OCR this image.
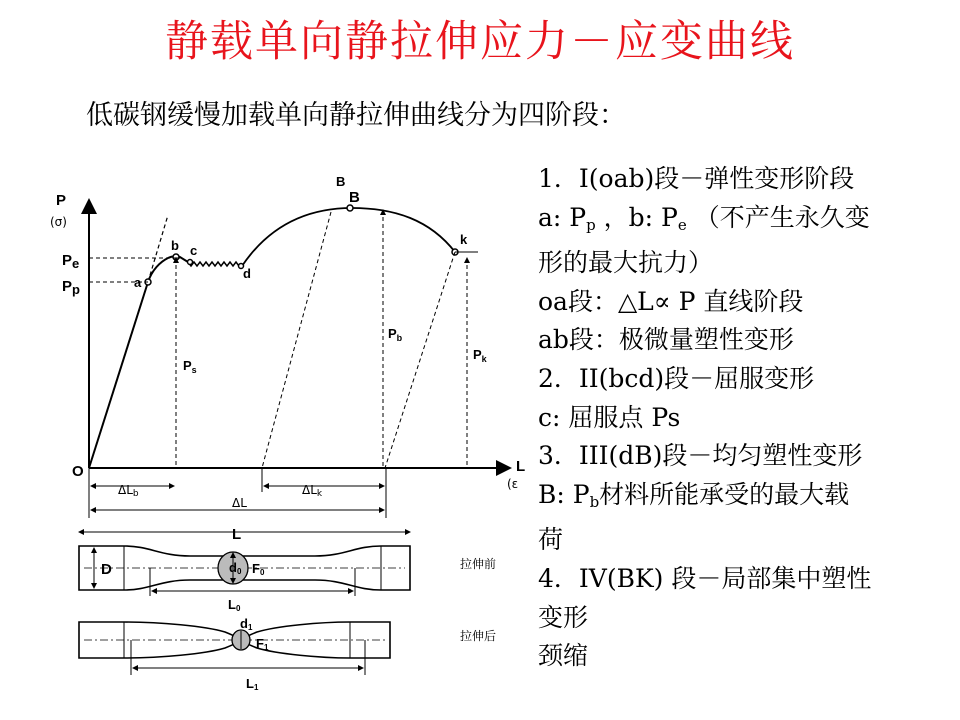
静载单向静拉伸应力－应变曲线
低碳钢缓慢加载单向静拉伸曲线分为四阶段：
P
(σ)
L
(ε
O
Pe
Pp	a
b c
d
B
B
k
$P_s$
$P_b$
$P_k$
ΔLb	ΔLk
ΔL
L
D	d0 F0
L0
拉伸前
d1
F1
L1
拉伸后
1．I(oab)段－弹性变形阶段
a: $P_p$ ，b: $P_e$ （不产生永久变
形的最大抗力）
oa段：△L∝ P 直线阶段
ab段：极微量塑性变形
2．II(bcd)段－屈服变形
c: 屈服点 Ps
3．III(dB)段－均匀塑性变形
B: $P_b$材料所能承受的最大载
荷
4．IV(BK) 段－局部集中塑性
变形
颈缩
